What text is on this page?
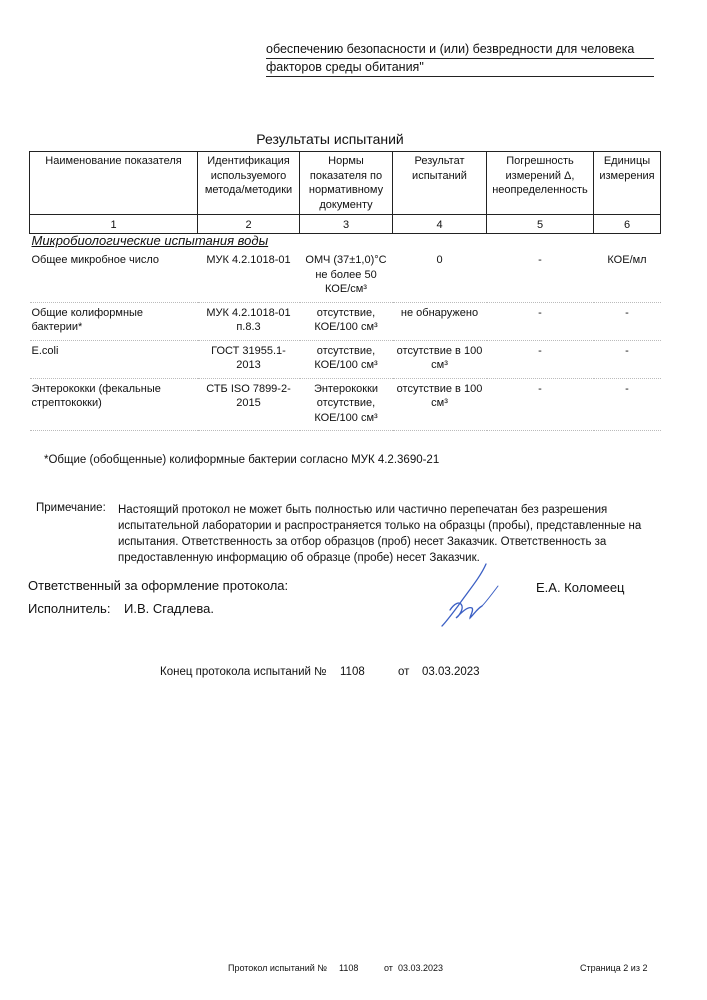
обеспечению безопасности и (или) безвредности для человека
факторов среды обитания"
Результаты испытаний
Наименование показателя	Идентификация используемого метода/методики	Нормы показателя по нормативному документу	Результат испытаний	Погрешность измерений Δ, неопределенность	Единицы измерения
1	2	3	4	5	6
Микробиологические испытания воды					
Общее микробное число	МУК 4.2.1018-01	ОМЧ (37±1,0)°С не более 50 КОЕ/см³	0	-	КОЕ/мл
Общие колиформные бактерии*	МУК 4.2.1018-01 п.8.3	отсутствие, КОЕ/100 см³	не обнаружено	-	-
E.coli	ГОСТ 31955.1-2013	отсутствие, КОЕ/100 см³	отсутствие в 100 см³	-	-
Энтерококки (фекальные стрептококки)	СТБ ISO 7899-2-2015	Энтерококки отсутствие, КОЕ/100 см³	отсутствие в 100 см³	-	-
*Общие (обобщенные) колиформные бактерии согласно МУК 4.2.3690-21
Примечание: Настоящий протокол не может быть полностью или частично перепечатан без разрешения испытательной лаборатории и распространяется только на образцы (пробы), представленные на испытания. Ответственность за отбор образцов (проб) несет Заказчик. Ответственность за предоставленную информацию об образце (пробе) несет Заказчик.
Ответственный за оформление протокола:	Е.А. Коломеец
Исполнитель: И.В. Сгадлева.
Конец протокола испытаний № 1108	от 03.03.2023
Протокол испытаний № 1108	от 03.03.2023	Страница 2 из 2
